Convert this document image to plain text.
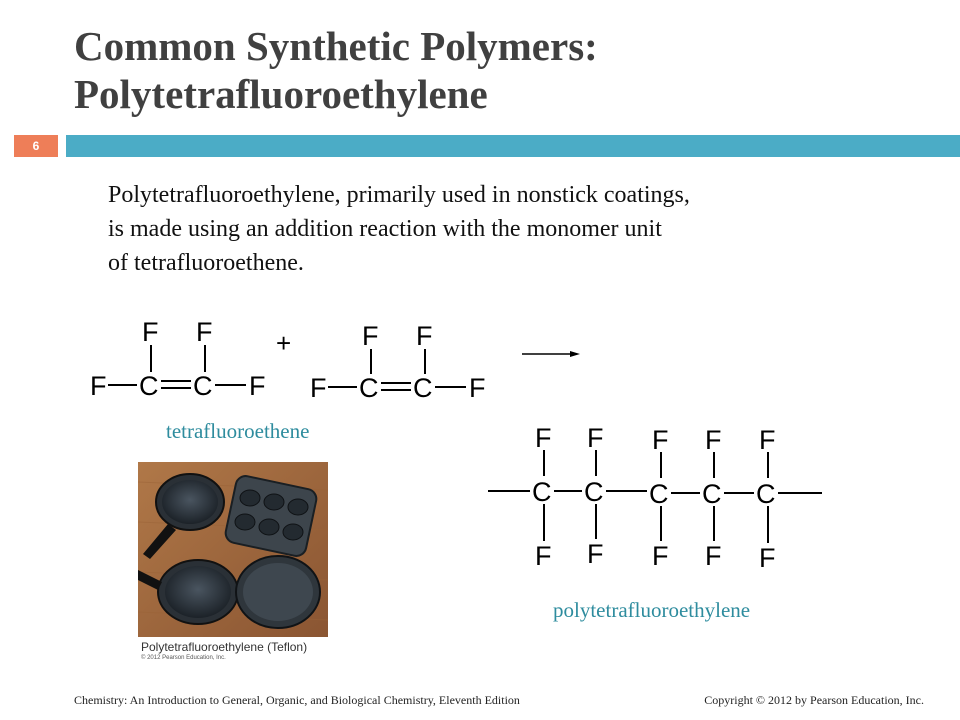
Common Synthetic Polymers:
Polytetrafluoroethylene
6

Polytetrafluoroethylene, primarily used in nonstick coatings,
is made using an addition reaction with the monomer unit
of tetrafluoroethene.

F F
F C C F
+	F F
F C C F
F F F F F
C C C C C
F F F F F
tetrafluoroethene
polytetrafluoroethylene
Polytetrafluoroethylene (Teflon)
© 2012 Pearson Education, Inc.
Chemistry: An Introduction to General, Organic, and Biological Chemistry, Eleventh Edition	Copyright © 2012 by Pearson Education, Inc.
